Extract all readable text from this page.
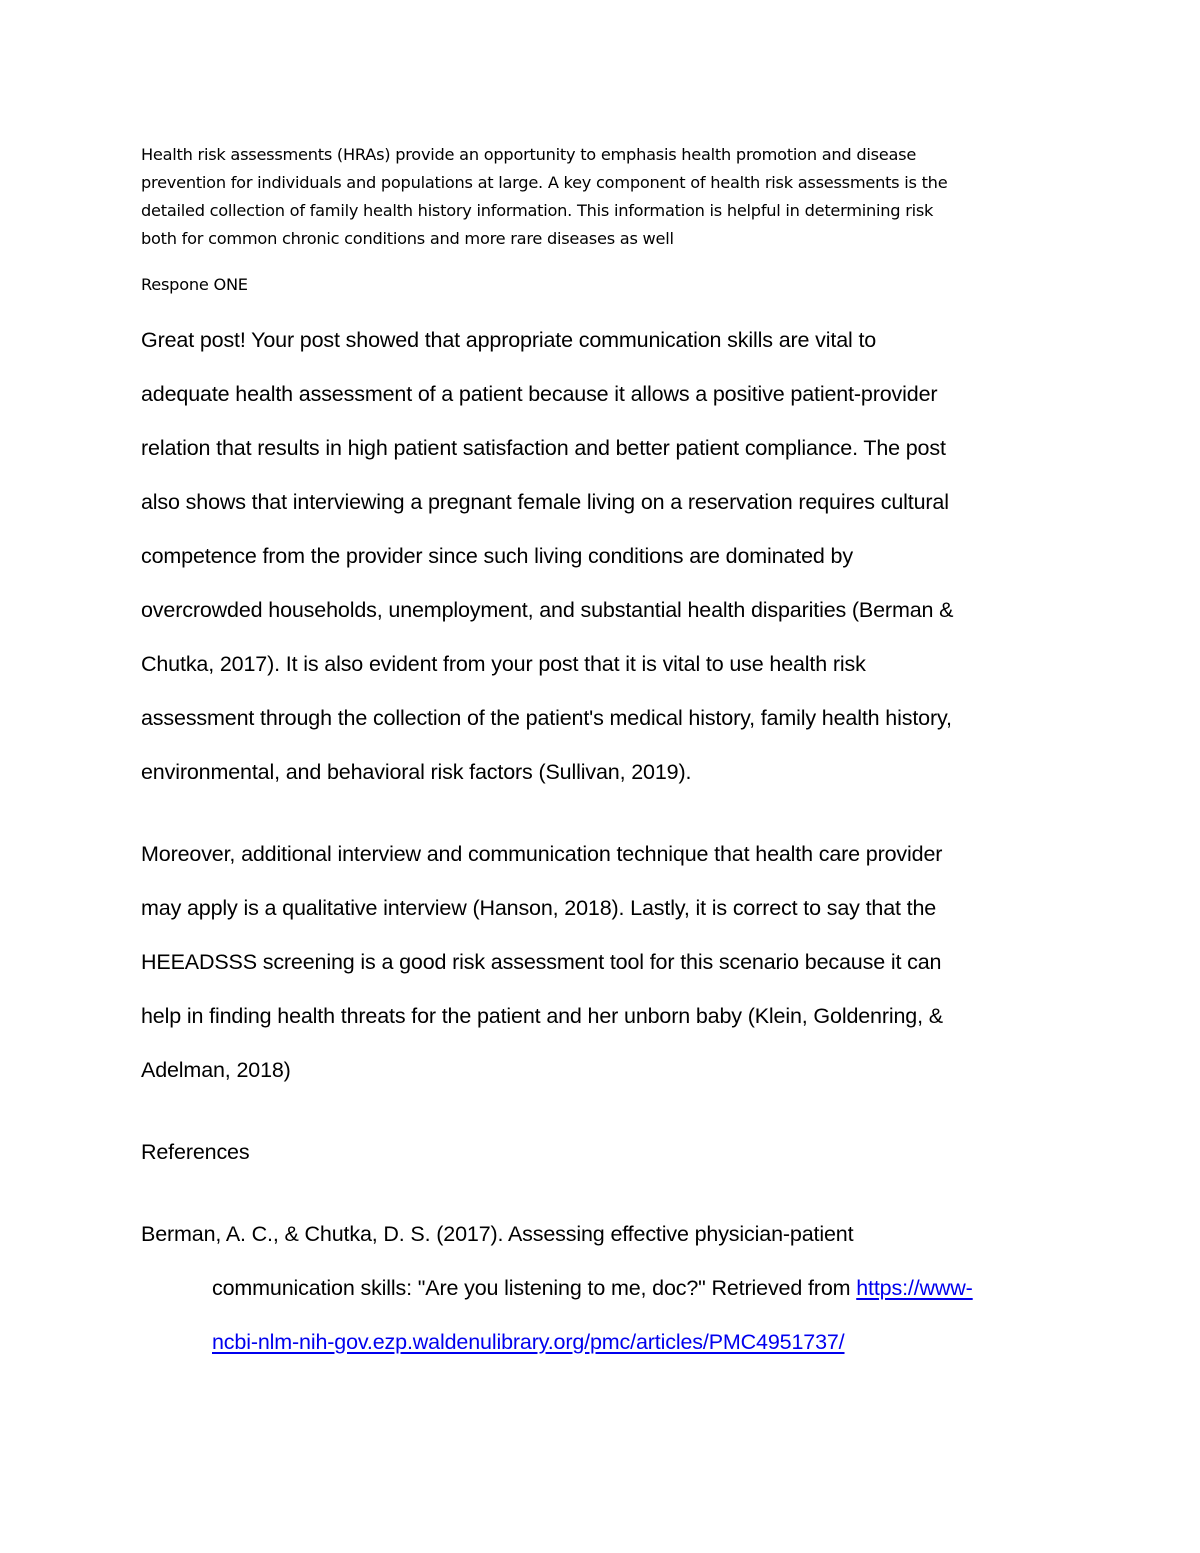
Health risk assessments (HRAs) provide an opportunity to emphasis health promotion and disease

prevention for individuals and populations at large. A key component of health risk assessments is the

detailed collection of family health history information. This information is helpful in determining risk

both for common chronic conditions and more rare diseases as well

Respone ONE

Great post! Your post showed that appropriate communication skills are vital to

adequate health assessment of a patient because it allows a positive patient-provider

relation that results in high patient satisfaction and better patient compliance. The post

also shows that interviewing a pregnant female living on a reservation requires cultural

competence from the provider since such living conditions are dominated by

overcrowded households, unemployment, and substantial health disparities (Berman &

Chutka, 2017). It is also evident from your post that it is vital to use health risk

assessment through the collection of the patient's medical history, family health history,

environmental, and behavioral risk factors (Sullivan, 2019).

Moreover, additional interview and communication technique that health care provider

may apply is a qualitative interview (Hanson, 2018). Lastly, it is correct to say that the

HEEADSSS screening is a good risk assessment tool for this scenario because it can

help in finding health threats for the patient and her unborn baby (Klein, Goldenring, &

Adelman, 2018)

References

Berman, A. C., & Chutka, D. S. (2017). Assessing effective physician-patient

communication skills: "Are you listening to me, doc?" Retrieved from https://www-

ncbi-nlm-nih-gov.ezp.waldenulibrary.org/pmc/articles/PMC4951737/
